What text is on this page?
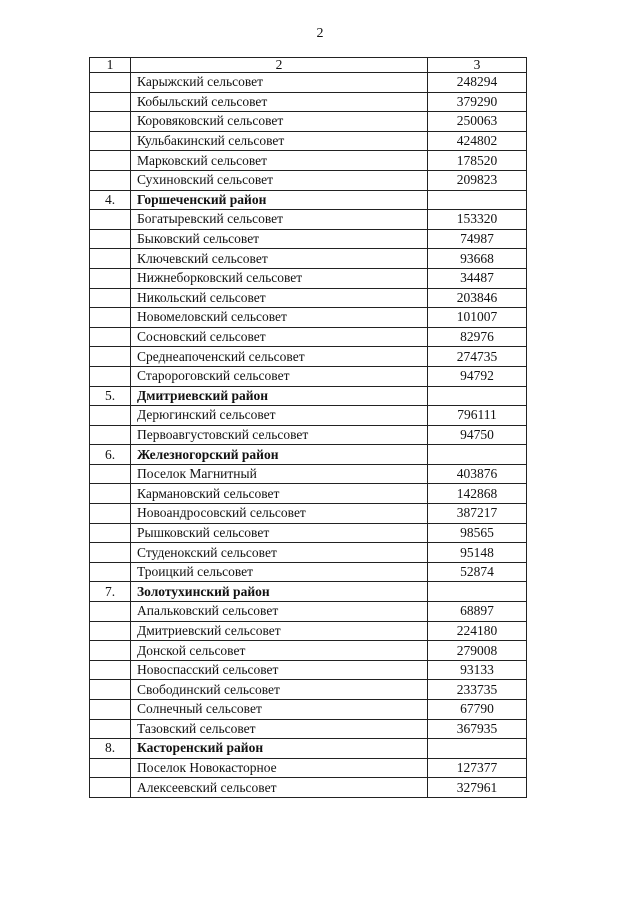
2
1	2	3
	Карыжский сельсовет	248294
	Кобыльский сельсовет	379290
	Коровяковский сельсовет	250063
	Кульбакинский сельсовет	424802
	Марковский сельсовет	178520
	Сухиновский сельсовет	209823
4.	Горшеченский район	
	Богатыревский сельсовет	153320
	Быковский сельсовет	74987
	Ключевский сельсовет	93668
	Нижнеборковский сельсовет	34487
	Никольский сельсовет	203846
	Новомеловский сельсовет	101007
	Сосновский сельсовет	82976
	Среднеапоченский сельсовет	274735
	Старороговский сельсовет	94792
5.	Дмитриевский район	
	Дерюгинский сельсовет	796111
	Первоавгустовский сельсовет	94750
6.	Железногорский район	
	Поселок Магнитный	403876
	Кармановский сельсовет	142868
	Новоандросовский сельсовет	387217
	Рышковский сельсовет	98565
	Студенокский сельсовет	95148
	Троицкий сельсовет	52874
7.	Золотухинский район	
	Апальковский сельсовет	68897
	Дмитриевский сельсовет	224180
	Донской сельсовет	279008
	Новоспасский сельсовет	93133
	Свободинский сельсовет	233735
	Солнечный сельсовет	67790
	Тазовский сельсовет	367935
8.	Касторенский район	
	Поселок Новокасторное	127377
	Алексеевский сельсовет	327961
